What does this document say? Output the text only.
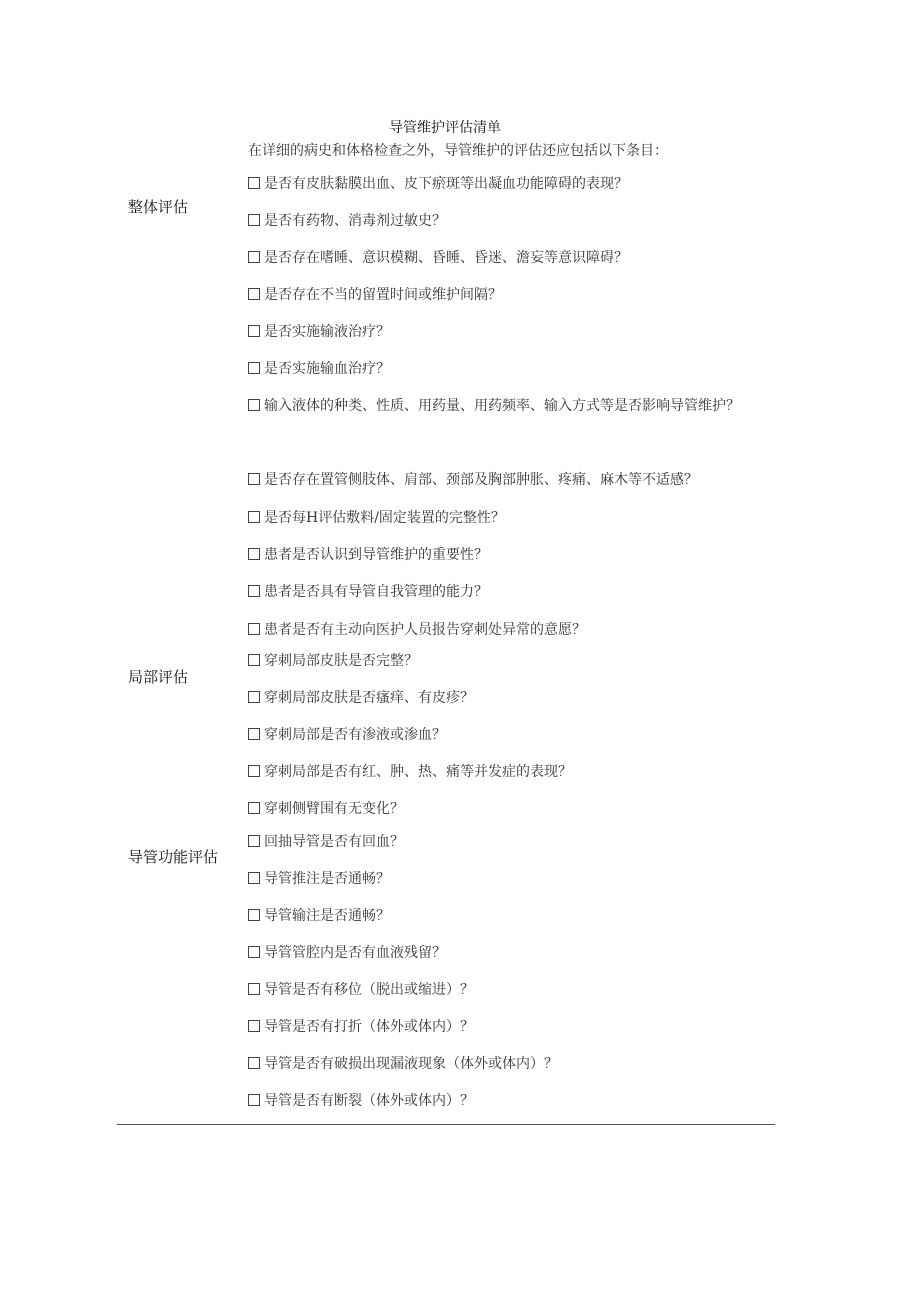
导管维护评估清单
在详细的病史和体格检查之外，导管维护的评估还应包括以下条目：
整体评估
局部评估
导管功能评估
是否有皮肤黏膜出血、皮下瘀斑等出凝血功能障碍的表现？
是否有药物、消毒剂过敏史？
是否存在嗜睡、意识模糊、昏睡、昏迷、澹妄等意识障碍？
是否存在不当的留置时间或维护间隔？
是否实施输液治疗？
是否实施输血治疗？
输入液体的种类、性质、用药量、用药频率、输入方式等是否影响导管维护？
是否存在置管侧肢体、肩部、颈部及胸部肿胀、疼痛、麻木等不适感？
是否每H评估敷料/固定装置的完整性？
患者是否认识到导管维护的重要性？
患者是否具有导管自我管理的能力？
患者是否有主动向医护人员报告穿刺处异常的意愿？
穿刺局部皮肤是否完整？
穿刺局部皮肤是否瘙痒、有皮疹？
穿刺局部是否有渗液或渗血？
穿刺局部是否有红、肿、热、痛等并发症的表现？
穿刺侧臂围有无变化？
回抽导管是否有回血？
导管推注是否通畅？
导管输注是否通畅？
导管管腔内是否有血液残留？
导管是否有移位（脱出或缩进）？
导管是否有打折（体外或体内）？
导管是否有破损出现漏液现象（体外或体内）？
导管是否有断裂（体外或体内）？
